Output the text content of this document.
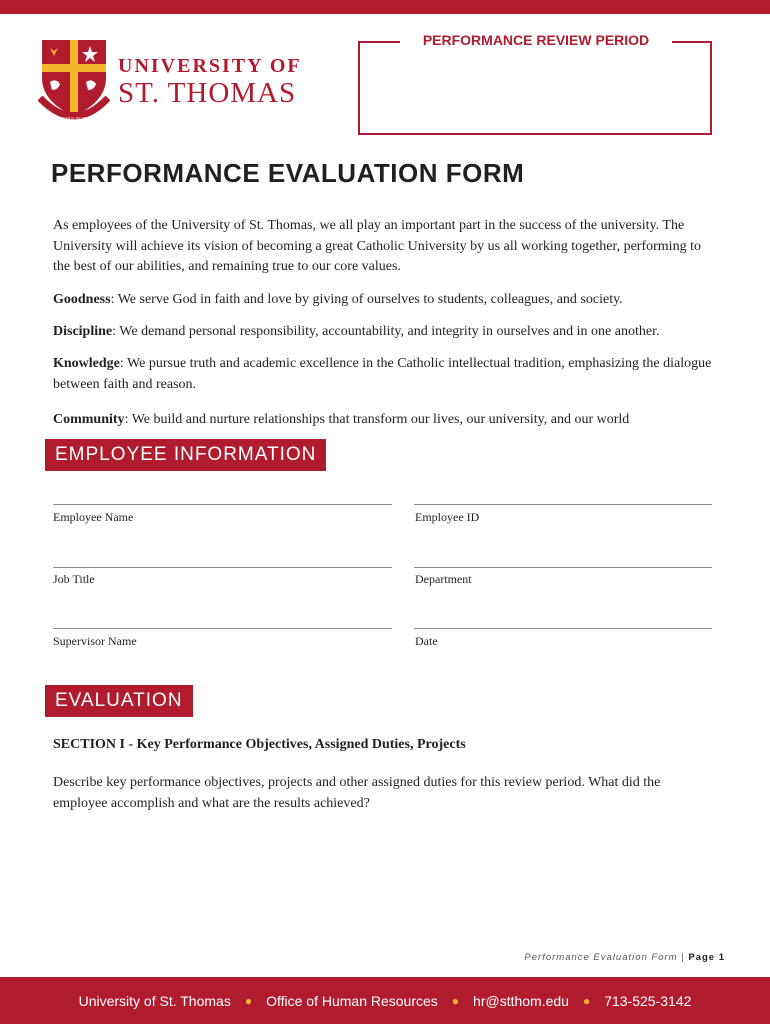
CRESCAMUS IN CHRISTO
UNIVERSITY OF
ST. THOMAS
PERFORMANCE REVIEW PERIOD
PERFORMANCE EVALUATION FORM
As employees of the University of St. Thomas, we all play an important part in the success of the university. The University will achieve its vision of becoming a great Catholic University by us all working together, performing to the best of our abilities, and remaining true to our core values.
Goodness: We serve God in faith and love by giving of ourselves to students, colleagues, and society.
Discipline: We demand personal responsibility, accountability, and integrity in ourselves and in one another.
Knowledge: We pursue truth and academic excellence in the Catholic intellectual tradition, emphasizing the dialogue between faith and reason.
Community: We build and nurture relationships that transform our lives, our university, and our world
EMPLOYEE INFORMATION
Employee Name	Employee ID
Job Title	Department
Supervisor Name	Date
EVALUATION
SECTION I - Key Performance Objectives, Assigned Duties, Projects
Describe key performance objectives, projects and other assigned duties for this review period. What did the employee accomplish and what are the results achieved?
Performance Evaluation Form | Page 1
University of St. Thomas ● Office of Human Resources ● hr@stthom.edu ● 713-525-3142
